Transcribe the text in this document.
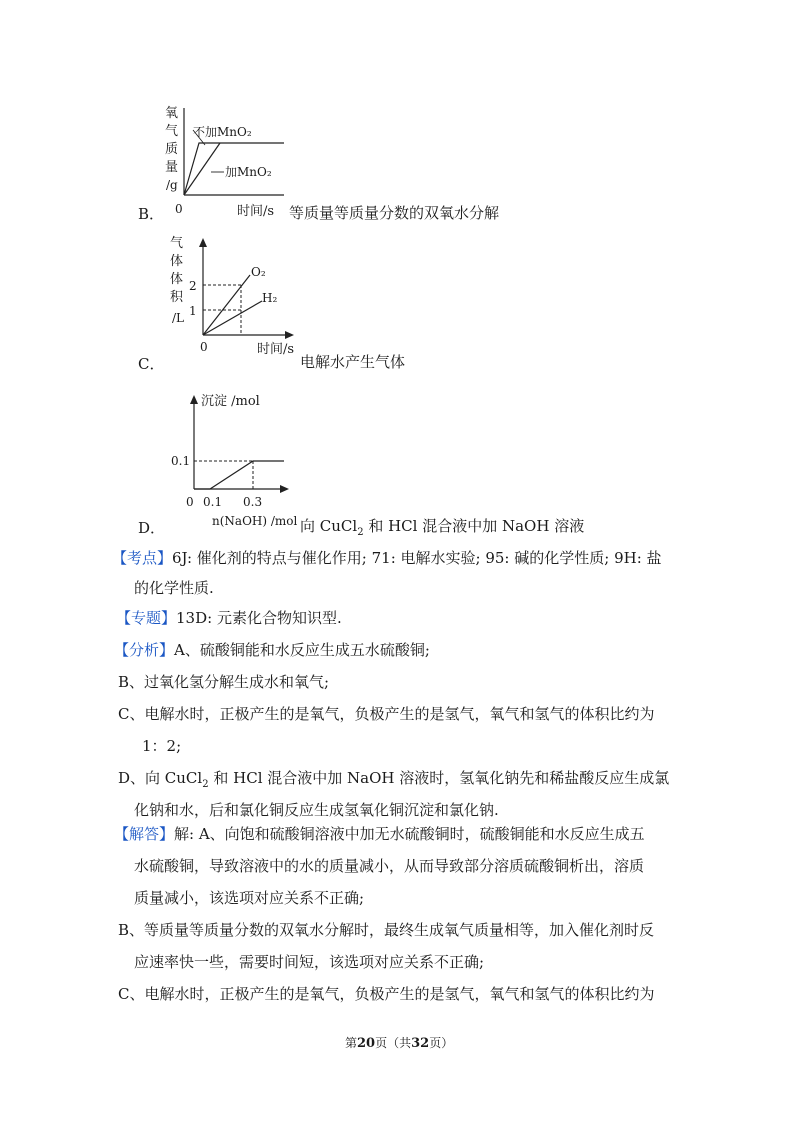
氧
气
质
量
/g
0	时间/s
不加MnO₂
加MnO₂
B．	等质量等质量分数的双氧水分解
气
体
体
积
/L
0	时间/s
2
1
O₂
H₂
C．	电解水产生气体
沉淀 /mol
0.1
0 0.1 0.3
n(NaOH) /mol
D．	向 CuCl$_2$ 和 HCl 混合液中加 NaOH 溶液
【考点】6J: 催化剂的特点与催化作用; 71: 电解水实验; 95: 碱的化学性质; 9H: 盐
的化学性质.
【专题】13D: 元素化合物知识型.
【分析】A、硫酸铜能和水反应生成五水硫酸铜;
B、过氧化氢分解生成水和氧气;
C、电解水时，正极产生的是氧气，负极产生的是氢气，氧气和氢气的体积比约为
1：2;
D、向 CuCl$_2$ 和 HCl 混合液中加 NaOH 溶液时，氢氧化钠先和稀盐酸反应生成氯
化钠和水，后和氯化铜反应生成氢氧化铜沉淀和氯化钠.
【解答】解: A、向饱和硫酸铜溶液中加无水硫酸铜时，硫酸铜能和水反应生成五
水硫酸铜，导致溶液中的水的质量减小，从而导致部分溶质硫酸铜析出，溶质
质量减小，该选项对应关系不正确;
B、等质量等质量分数的双氧水分解时，最终生成氧气质量相等，加入催化剂时反
应速率快一些，需要时间短，该选项对应关系不正确;
C、电解水时，正极产生的是氧气，负极产生的是氢气，氧气和氢气的体积比约为
第20页（共32页）
